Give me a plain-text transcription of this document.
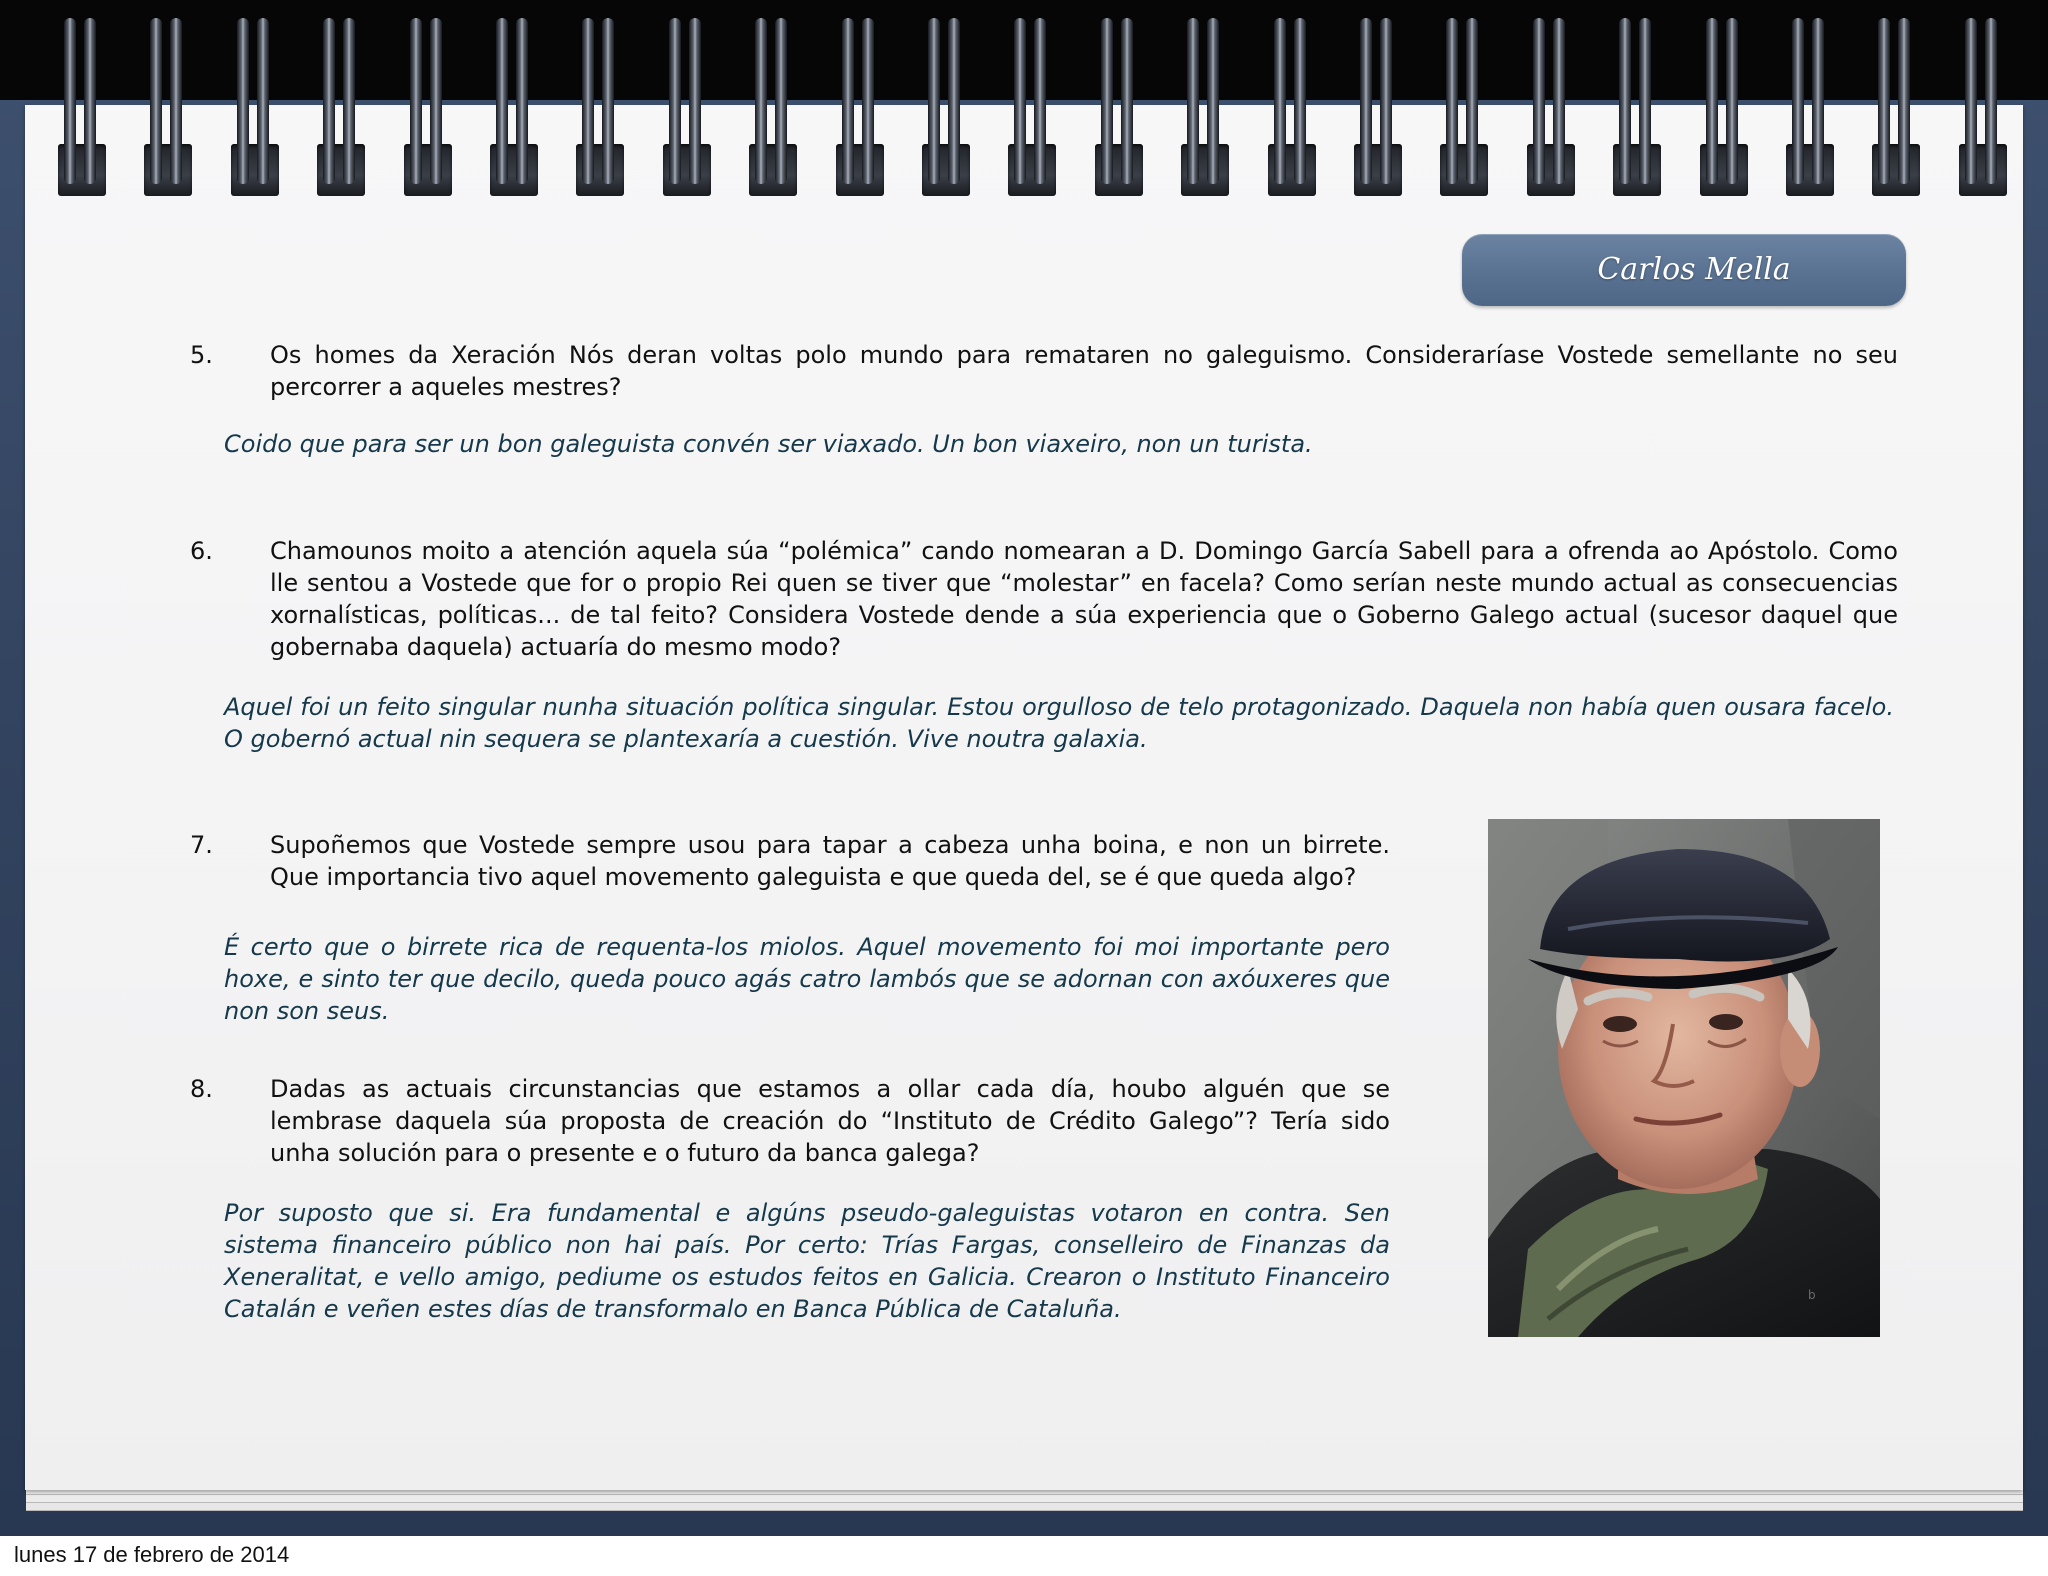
Carlos Mella
5. Os homes da Xeración Nós deran voltas polo mundo para remataren no galeguismo. Consideraríase Vostede semellante no seu percorrer a aqueles mestres?
Coido que para ser un bon galeguista convén ser viaxado. Un bon viaxeiro, non un turista.
6. Chamounos moito a atención aquela súa “polémica” cando nomearan a D. Domingo García Sabell para a ofrenda ao Apóstolo. Como lle sentou a Vostede que for o propio Rei quen se tiver que “molestar” en facela? Como serían neste mundo actual as consecuencias xornalísticas, políticas... de tal feito? Considera Vostede dende a súa experiencia que o Goberno Galego actual (sucesor daquel que gobernaba daquela) actuaría do mesmo modo?
Aquel foi un feito singular nunha situación política singular. Estou orgulloso de telo protagonizado. Daquela non había quen ousara facelo. O gobernó actual nin sequera se plantexaría a cuestión. Vive noutra galaxia.
7. Supoñemos que Vostede sempre usou para tapar a cabeza unha boina, e non un birrete. Que importancia tivo aquel movemento galeguista e que queda del, se é que queda algo?
É certo que o birrete rica de requenta-los miolos. Aquel movemento foi moi importante pero hoxe, e sinto ter que decilo, queda pouco agás catro lambós que se adornan con axóuxeres que non son seus.
8. Dadas as actuais circunstancias que estamos a ollar cada día, houbo alguén que se lembrase daquela súa proposta de creación do “Instituto de Crédito Galego”? Tería sido unha solución para o presente e o futuro da banca galega?
Por suposto que si. Era fundamental e algúns pseudo-galeguistas votaron en contra. Sen sistema financeiro público non hai país. Por certo: Trías Fargas, conselleiro de Finanzas da Xeneralitat, e vello amigo, pediume os estudos feitos en Galicia. Crearon o Instituto Financeiro Catalán e veñen estes días de transformalo en Banca Pública de Cataluña.	b
lunes 17 de febrero de 2014
